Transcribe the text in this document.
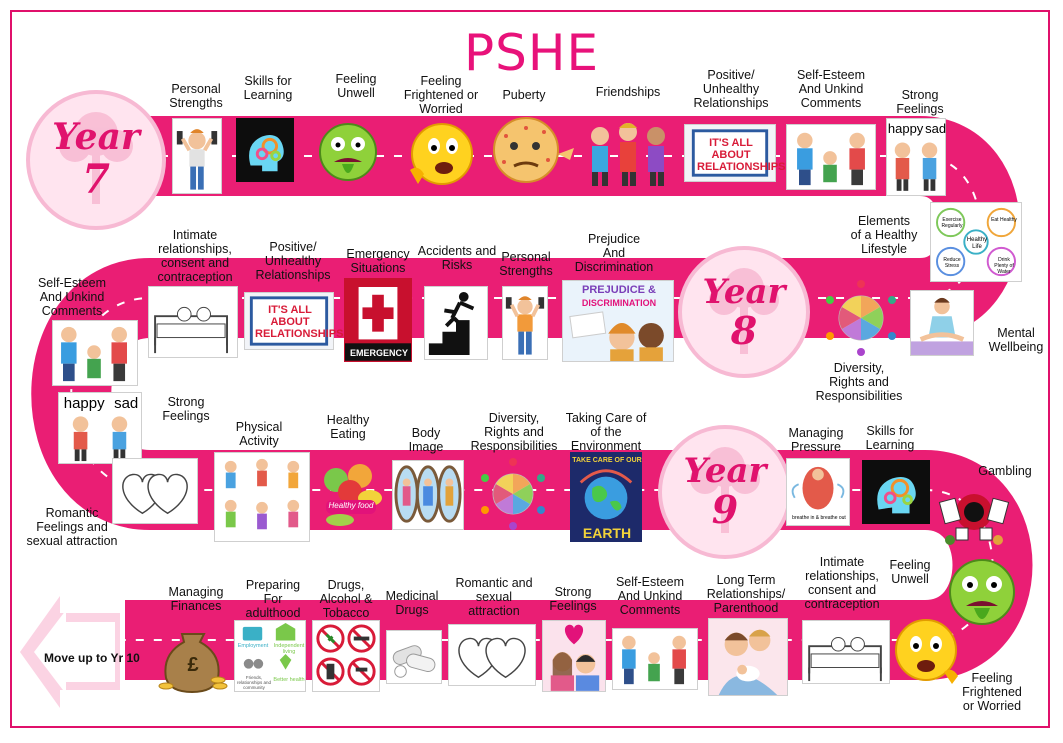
Move up to Yr 10
PSHE
Year
7
Year
8
Year
9
IT'S ALL ABOUT RELATIONSHIPS
happy sad
Personal
Strengths
Skills for
Learning
Feeling
Unwell
Feeling
Frightened or
Worried
Puberty	Friendships
Positive/
Unhealthy
Relationships
Self-Esteem
And Unkind
Comments
Strong
Feelings
Healthy Life
Exercise Regularly
Eat Healthy
Reduce Stress
Drink Plenty of Water
PREJUDICE &
DISCRIMINATION
EMERGENCY
IT'S ALL ABOUT RELATIONSHIPS
Elements
of a Healthy
Lifestyle
Mental
Wellbeing
Diversity,
Rights and
Responsibilities
Prejudice
And
Discrimination
Personal
Strengths
Accidents and
Risks
Emergency
Situations
Positive/
Unhealthy
Relationships
Intimate
relationships,
consent and
contraception
Self-Esteem
And Unkind
Comments
happy sad
Healthy food
TAKE CARE OF OUR
EARTH
breathe in & breathe out
Strong
Feelings
Romantic
Feelings and
sexual attraction
Physical
Activity
Healthy
Eating	Body
Image
Diversity,
Rights and
Responsibilities
Taking Care of
of the
Environment
Managing
Pressure
Skills for
Learning
Gambling
Employment Independent living
Friends, relationships and community
Better health
£
Feeling
Unwell
Feeling
Frightened
or Worried
Intimate
relationships,
consent and
contraception
Long Term
Relationships/
Parenthood
Self-Esteem
And Unkind
Comments
Strong
Feelings
Romantic and
sexual
attraction
Medicinal
Drugs
Drugs,
Alcohol &
Tobacco
Preparing
For
adulthood
Managing
Finances
